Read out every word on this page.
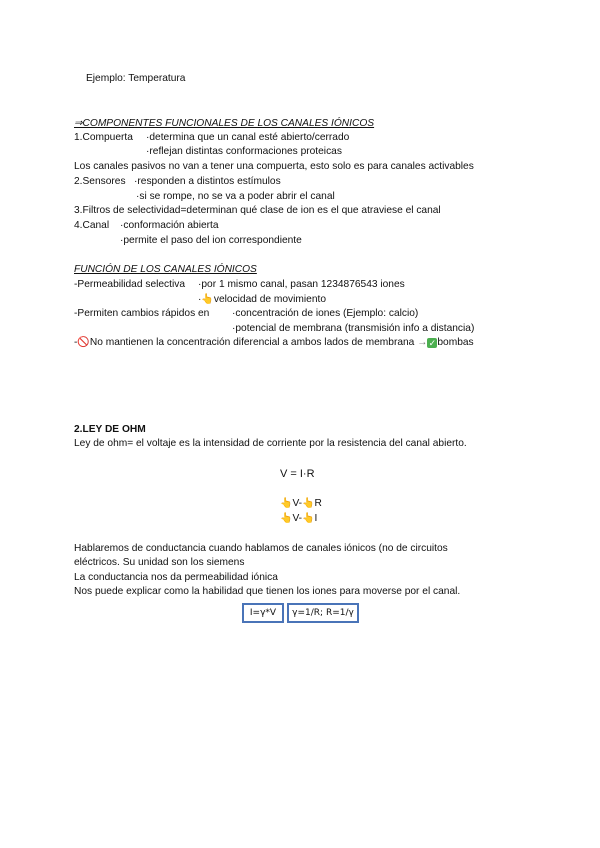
Ejemplo: Temperatura
⇒COMPONENTES FUNCIONALES DE LOS CANALES IÓNICOS
1.Compuerta ·determina que un canal esté abierto/cerrado
·reflejan distintas conformaciones proteicas
Los canales pasivos no van a tener una compuerta, esto solo es para canales activables
2.Sensores ·responden a distintos estímulos
·si se rompe, no se va a poder abrir el canal
3.Filtros de selectividad=determinan qué clase de ion es el que atraviese el canal
4.Canal ·conformación abierta
·permite el paso del ion correspondiente
FUNCIÓN DE LOS CANALES IÓNICOS
-Permeabilidad selectiva ·por 1 mismo canal, pasan 1234876543 iones
·👆velocidad de movimiento
-Permiten cambios rápidos en ·concentración de iones (Ejemplo: calcio)
·potencial de membrana (transmisión info a distancia)
-🚫No mantienen la concentración diferencial a ambos lados de membrana →✓bombas
2.LEY DE OHM
Ley de ohm= el voltaje es la intensidad de corriente por la resistencia del canal abierto.
V = I·R
👆V-👆R
👆V-👆I
Hablaremos de conductancia cuando hablamos de canales iónicos (no de circuitos
eléctricos. Su unidad son los siemens
La conductancia nos da permeabilidad iónica
Nos puede explicar como la habilidad que tienen los iones para moverse por el canal.
I=γ*V	γ=1/R; R=1/γ
